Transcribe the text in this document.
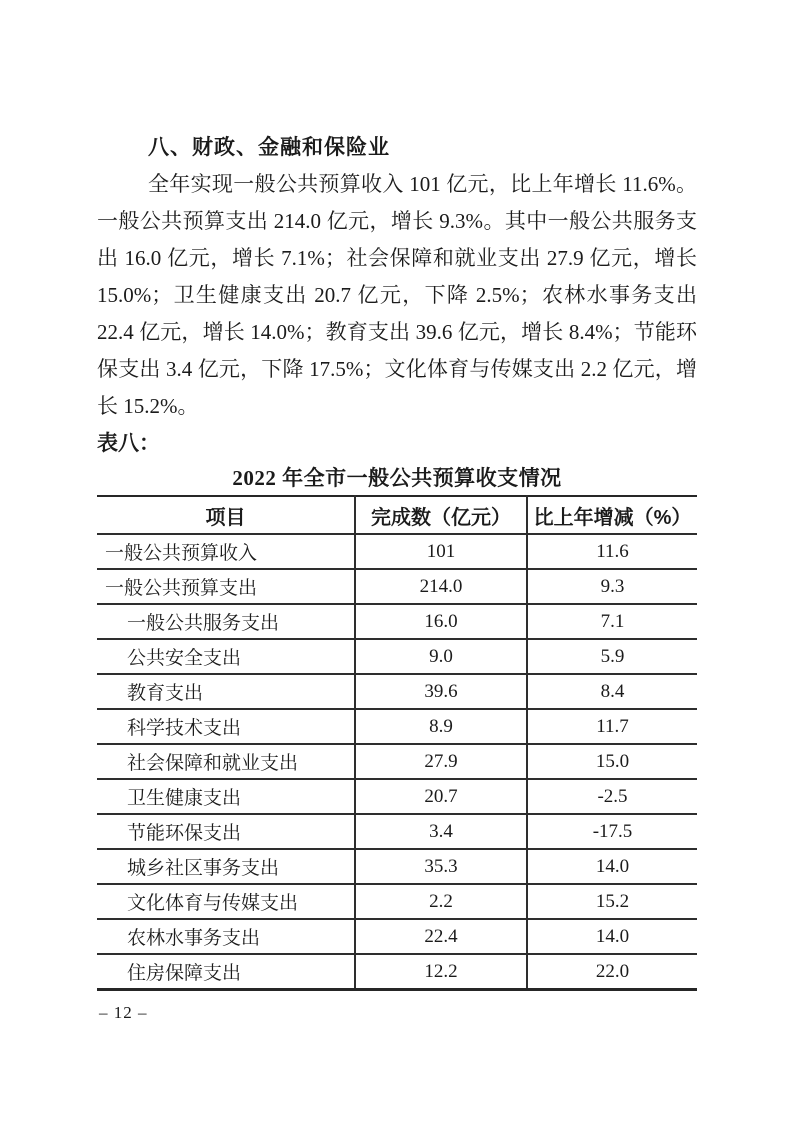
八、财政、金融和保险业

全年实现一般公共预算收入 101 亿元，比上年增长 11.6%。一般公共预算支出 214.0 亿元，增长 9.3%。其中一般公共服务支出 16.0 亿元，增长 7.1%；社会保障和就业支出 27.9 亿元，增长 15.0%；卫生健康支出 20.7 亿元，下降 2.5%；农林水事务支出 22.4 亿元，增长 14.0%；教育支出 39.6 亿元，增长 8.4%；节能环保支出 3.4 亿元，下降 17.5%；文化体育与传媒支出 2.2 亿元，增长 15.2%。

表八：

2022 年全市一般公共预算收支情况

项目	完成数（亿元）	比上年增减（%）
一般公共预算收入	101	11.6
一般公共预算支出	214.0	9.3
一般公共服务支出	16.0	7.1
公共安全支出	9.0	5.9
教育支出	39.6	8.4
科学技术支出	8.9	11.7
社会保障和就业支出	27.9	15.0
卫生健康支出	20.7	-2.5
节能环保支出	3.4	-17.5
城乡社区事务支出	35.3	14.0
文化体育与传媒支出	2.2	15.2
农林水事务支出	22.4	14.0
住房保障支出	12.2	22.0
– 12 –
